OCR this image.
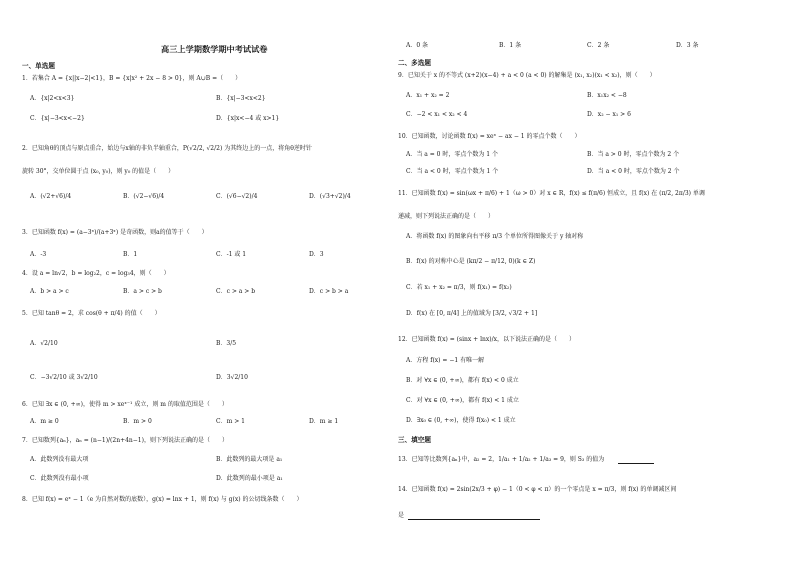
高三上学期数学期中考试试卷
一、单选题
1．若集合 A = {x||x−2|<1}，B = {x|x² + 2x − 8 > 0}，则 A∪B =（　　）
A．{x|2<x<3}	B．{x|−3<x<2}
C．{x|−3<x<−2}	D．{x|x<−4 或 x>1}
2．已知角θ的顶点与原点重合，始边与x轴的非负半轴重合，P(√2/2, √2/2) 为其终边上的一点，将角θ逆时针
旋转 30°，交单位圆于点 (x₀, y₀)，则 y₀ 的值是（　　）
A．(√2+√6)/4	B．(√2−√6)/4	C．(√6−√2)/4	D．(√3+√2)/4
3．已知函数 f(x) = (a−3ˣ)/(a+3ˣ) 是奇函数，则a的值等于（　　）
A．-3	B．1	C．-1 或 1	D．3
4．设 a = ln√2，b = log₂2，c = log₃4，则（　　）
A．b > a > c	B．a > c > b	C．c > a > b	D．c > b > a
5．已知 tanθ = 2，求 cos(θ + π/4) 的值（　　）
A．√2/10	B．3/5
C．−3√2/10 或 3√2/10	D．3√2/10
6．已知 ∃x ∈ (0, +∞)，使得 m > xeˣ⁻¹ 成立，则 m 的取值范围是（　　）
A．m ≥ 0	B．m > 0	C．m > 1	D．m ≥ 1
7．已知数列{aₙ}，aₙ = (n−1)/(2n+4n−1)，则下列说法正确的是（　　）
A．此数列没有最大项	B．此数列的最大项是 a₁
C．此数列没有最小项	D．此数列的最小项是 a₁
8．已知 f(x) = eˣ − 1（e 为自然对数的底数），g(x) = lnx + 1，则 f(x) 与 g(x) 的公切线条数（　　）
A．0 条	B．1 条	C．2 条	D．3 条
二、多选题
9．已知关于 x 的不等式 (x+2)(x−4) + a < 0 (a < 0) 的解集是 (x₁, x₂)(x₁ < x₂)，则（　　）
A．x₁ + x₂ = 2	B．x₁x₂ < −8
C．−2 < x₁ < x₂ < 4	D．x₂ − x₁ > 6
10．已知函数，讨论函数 f(x) = xeˣ − ax − 1 的零点个数（　　）
A．当 a = 0 时，零点个数为 1 个	B．当 a > 0 时，零点个数为 2 个
C．当 a < 0 时，零点个数为 1 个	D．当 a < 0 时，零点个数为 2 个
11．已知函数 f(x) = sin(ωx + π/6) + 1（ω > 0）对 x ∈ R，f(x) ≤ f(π/6) 恒成立，且 f(x) 在 (π/2, 2π/3) 单调
递减，则下列说法正确的是（　　）
A．将函数 f(x) 的图象向右平移 π/3 个单位所得图像关于 y 轴对称
B．f(x) 的对称中心是 (kπ/2 − π/12, 0)(k ∈ Z)
C．若 x₁ + x₂ = π/3，则 f(x₁) = f(x₂)
D．f(x) 在 [0, π/4] 上的值域为 [3/2, √3/2 + 1]
12．已知函数 f(x) = (sinx + lnx)/x，以下说法正确的是（　　）
A．方程 f(x) = −1 有唯一解
B．对 ∀x ∈ (0, +∞)，都有 f(x) < 0 成立
C．对 ∀x ∈ (0, +∞)，都有 f(x) < 1 成立
D．∃x₀ ∈ (0, +∞)，使得 f(x₀) < 1 成立
三、填空题
13．已知等比数列{aₙ}中，a₂ = 2，1/a₁ + 1/a₂ + 1/a₃ = 9，则 S₃ 的值为
14．已知函数 f(x) = 2sin(2x/3 + φ) − 1（0 < φ < π）的一个零点是 x = π/3，则 f(x) 的单调减区间
是
